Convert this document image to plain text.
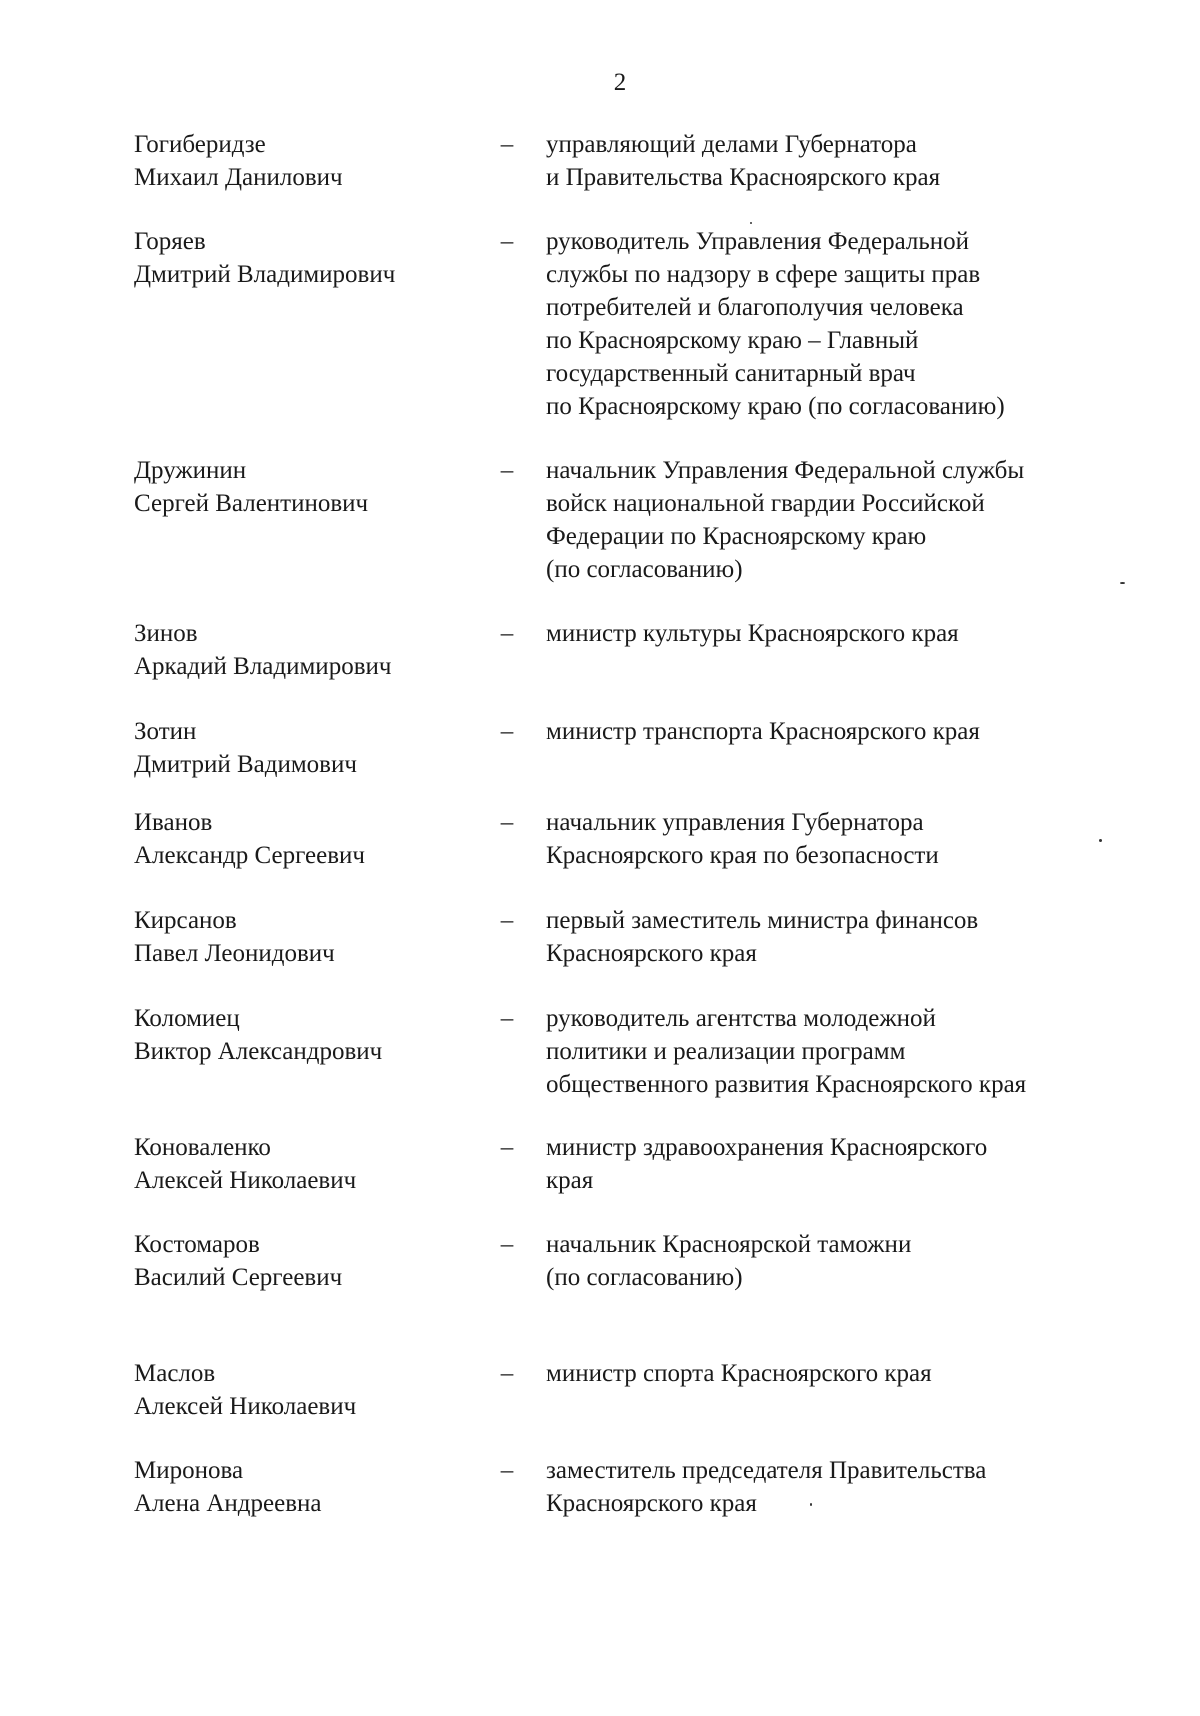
2
Гогиберидзе
Михаил Данилович
– управляющий делами Губернатора
и Правительства Красноярского края
Горяев
Дмитрий Владимирович
– руководитель Управления Федеральной
службы по надзору в сфере защиты прав
потребителей и благополучия человека
по Красноярскому краю – Главный
государственный санитарный врач
по Красноярскому краю (по согласованию)
Дружинин
Сергей Валентинович
– начальник Управления Федеральной службы
войск национальной гвардии Российской
Федерации по Красноярскому краю
(по согласованию)
Зинов
Аркадий Владимирович
– министр культуры Красноярского края
Зотин
Дмитрий Вадимович
– министр транспорта Красноярского края
Иванов
Александр Сергеевич
– начальник управления Губернатора
Красноярского края по безопасности
Кирсанов
Павел Леонидович
– первый заместитель министра финансов
Красноярского края
Коломиец
Виктор Александрович
– руководитель агентства молодежной
политики и реализации программ
общественного развития Красноярского края
Коноваленко
Алексей Николаевич
– министр здравоохранения Красноярского
края
Костомаров
Василий Сергеевич
– начальник Красноярской таможни
(по согласованию)
Маслов
Алексей Николаевич
– министр спорта Красноярского края
Миронова
Алена Андреевна
– заместитель председателя Правительства
Красноярского края
